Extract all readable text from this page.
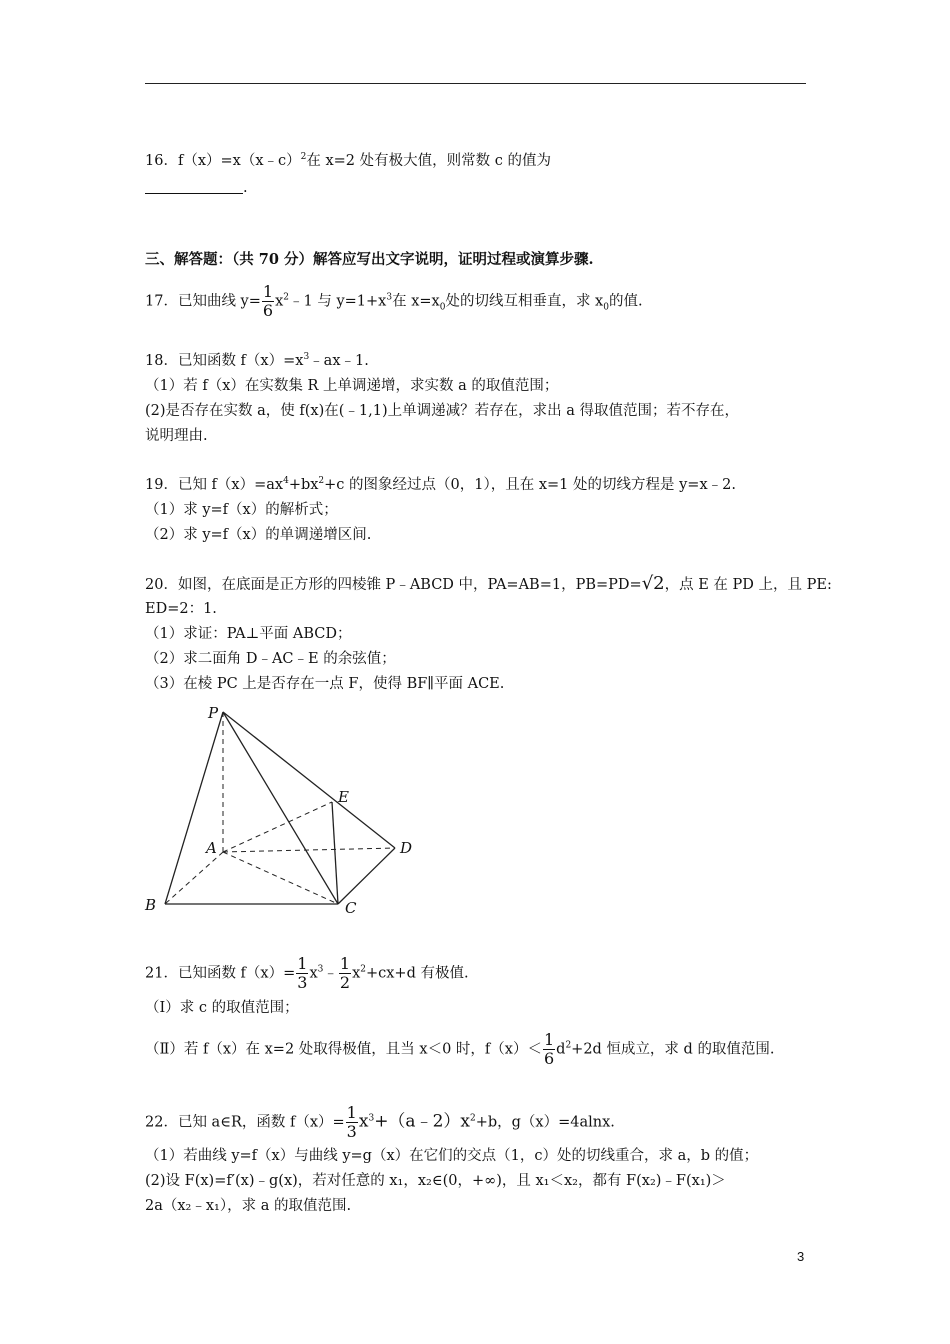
16．f（x）=x（x﹣c）$^2$在 x=2 处有极大值，则常数 c 的值为
.
三、解答题：（共 70 分）解答应写出文字说明，证明过程或演算步骤.
17．已知曲线 $y= \frac{1}{6}$ $x^2﹣1$ 与 $y=1+x^3$在 $x=x_0$处的切线互相垂直，求 $x_0$的值.
18．已知函数 $f(x)=x^3﹣ax﹣1$.
（1）若 f（x）在实数集 R 上单调递增，求实数 a 的取值范围；
(2)是否存在实数 a，使 f(x)在(﹣1,1)上单调递减？若存在，求出 a 得取值范围；若不存在，
说明理由.
19．已知 $f(x)=ax^4+bx^2+c$ 的图象经过点（0，1），且在 x=1 处的切线方程是 y=x﹣2.
（1）求 y=f（x）的解析式；
（2）求 y=f（x）的单调递增区间.
20．如图，在底面是正方形的四棱锥 P﹣ABCD 中，PA=AB=1，PB=PD=√2，点 E 在 PD 上，且 PE:
ED=2：1.
（1）求证：PA⊥平面 ABCD；
（2）求二面角 D﹣AC﹣E 的余弦值；
（3）在棱 PC 上是否存在一点 F，使得 BF∥平面 ACE.
P
E
A	D
B	C
21．已知函数 $f(x)= \frac{1}{3}$ $x^3﹣ \frac{1}{2} x^2+cx+d$ 有极值.
（Ⅰ）求 c 的取值范围；
（Ⅱ）若 f（x）在 x=2 处取得极值，且当 x＜0 时，$f(x)< \frac{1}{6} d^2+2d$ 恒成立，求 d 的取值范围.
22．已知 a∈R，函数 $f(x)= \frac{1}{3}$ $x^3+(a﹣2)x^2+b$，g（x）=4alnx.
（1）若曲线 y=f（x）与曲线 y=g（x）在它们的交点（1，c）处的切线重合，求 a，b 的值；
(2)设 F(x)=f′(x)﹣g(x)，若对任意的 x₁，x₂∈(0，+∞)，且 x₁＜x₂，都有 F(x₂)﹣F(x₁)＞
2a（x₂﹣x₁），求 a 的取值范围.
3
